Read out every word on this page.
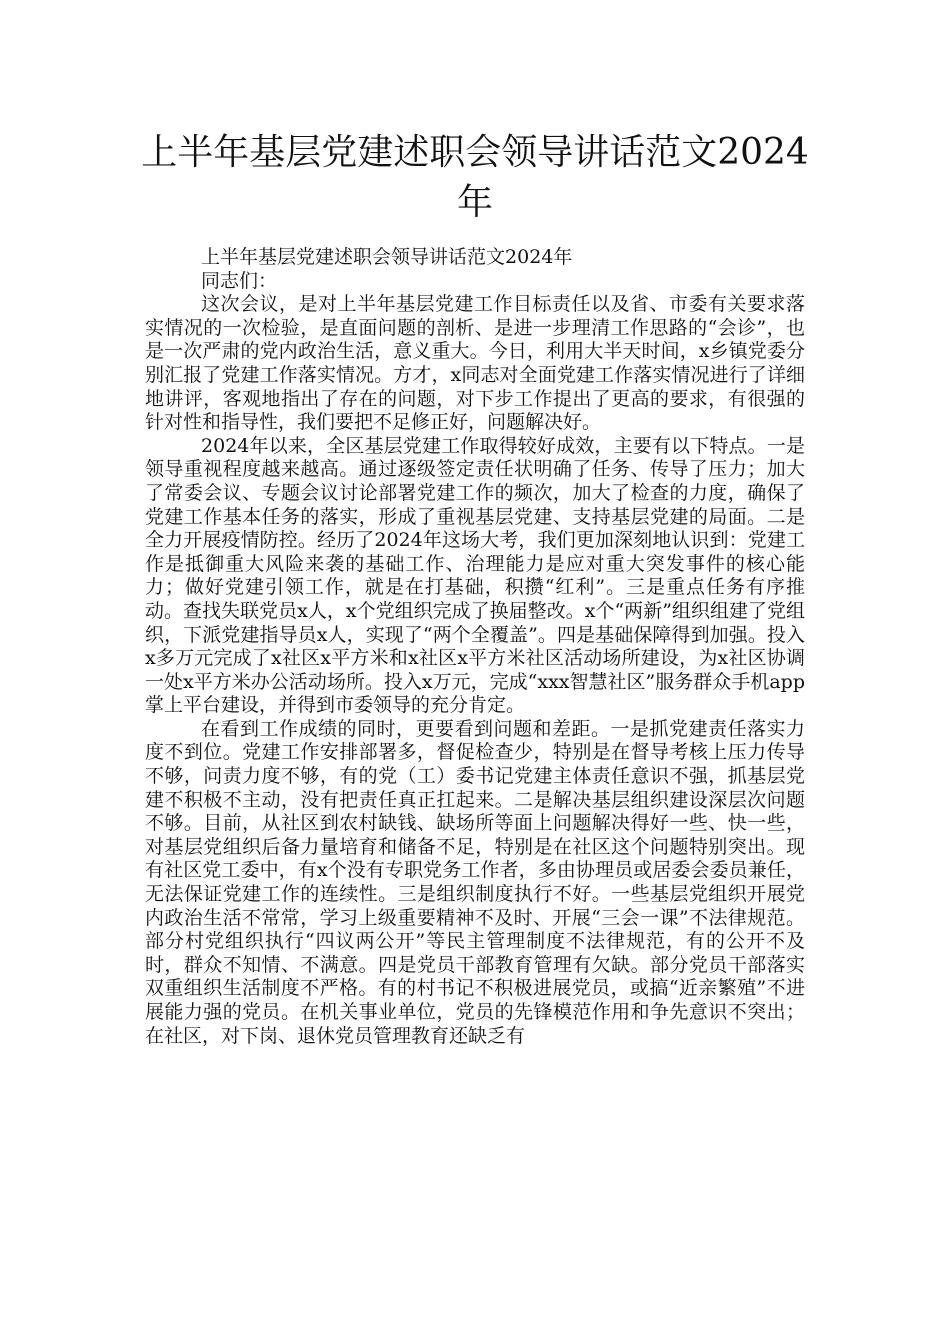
上半年基层党建述职会领导讲话范文2024年

上半年基层党建述职会领导讲话范文2024年

同志们：

这次会议，是对上半年基层党建工作目标责任以及省、市委有关要求落实情况的一次检验，是直面问题的剖析、是进一步理清工作思路的“会诊”，也是一次严肃的党内政治生活，意义重大。今日，利用大半天时间，x乡镇党委分别汇报了党建工作落实情况。方才，x同志对全面党建工作落实情况进行了详细地讲评，客观地指出了存在的问题，对下步工作提出了更高的要求，有很强的针对性和指导性，我们要把不足修正好，问题解决好。

2024年以来，全区基层党建工作取得较好成效，主要有以下特点。一是领导重视程度越来越高。通过逐级签定责任状明确了任务、传导了压力；加大了常委会议、专题会议讨论部署党建工作的频次，加大了检查的力度，确保了党建工作基本任务的落实，形成了重视基层党建、支持基层党建的局面。二是全力开展疫情防控。经历了2024年这场大考，我们更加深刻地认识到：党建工作是抵御重大风险来袭的基础工作、治理能力是应对重大突发事件的核心能力；做好党建引领工作，就是在打基础，积攒“红利”。三是重点任务有序推动。查找失联党员x人，x个党组织完成了换届整改。x个“两新”组织组建了党组织，下派党建指导员x人，实现了“两个全覆盖”。四是基础保障得到加强。投入x多万元完成了x社区x平方米和x社区x平方米社区活动场所建设，为x社区协调一处x平方米办公活动场所。投入x万元，完成“xxx智慧社区”服务群众手机app掌上平台建设，并得到市委领导的充分肯定。

在看到工作成绩的同时，更要看到问题和差距。一是抓党建责任落实力度不到位。党建工作安排部署多，督促检查少，特别是在督导考核上压力传导不够，问责力度不够，有的党（工）委书记党建主体责任意识不强，抓基层党建不积极不主动，没有把责任真正扛起来。二是解决基层组织建设深层次问题不够。目前，从社区到农村缺钱、缺场所等面上问题解决得好一些、快一些，对基层党组织后备力量培育和储备不足，特别是在社区这个问题特别突出。现有社区党工委中，有x个没有专职党务工作者，多由协理员或居委会委员兼任，无法保证党建工作的连续性。三是组织制度执行不好。一些基层党组织开展党内政治生活不常常，学习上级重要精神不及时、开展“三会一课”不法律规范。部分村党组织执行“四议两公开”等民主管理制度不法律规范，有的公开不及时，群众不知情、不满意。四是党员干部教育管理有欠缺。部分党员干部落实双重组织生活制度不严格。有的村书记不积极进展党员，或搞“近亲繁殖”不进展能力强的党员。在机关事业单位，党员的先锋模范作用和争先意识不突出；在社区，对下岗、退休党员管理教育还缺乏有
